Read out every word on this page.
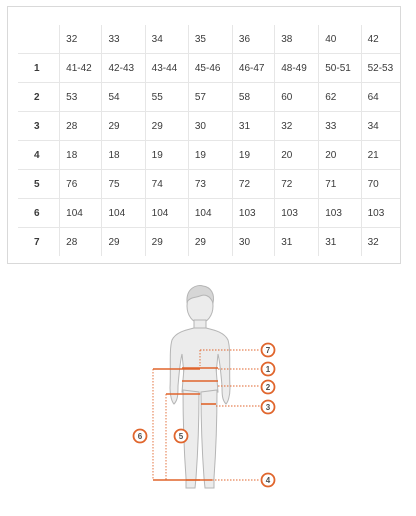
	32	33	34	35	36	38	40	42
1	41-42	42-43	43-44	45-46	46-47	48-49	50-51	52-53
2	53	54	55	57	58	60	62	64
3	28	29	29	30	31	32	33	34
4	18	18	19	19	19	20	20	21
5	76	75	74	73	72	72	71	70
6	104	104	104	104	103	103	103	103
7	28	29	29	29	30	31	31	32
7
1
2
3
6	5
4
